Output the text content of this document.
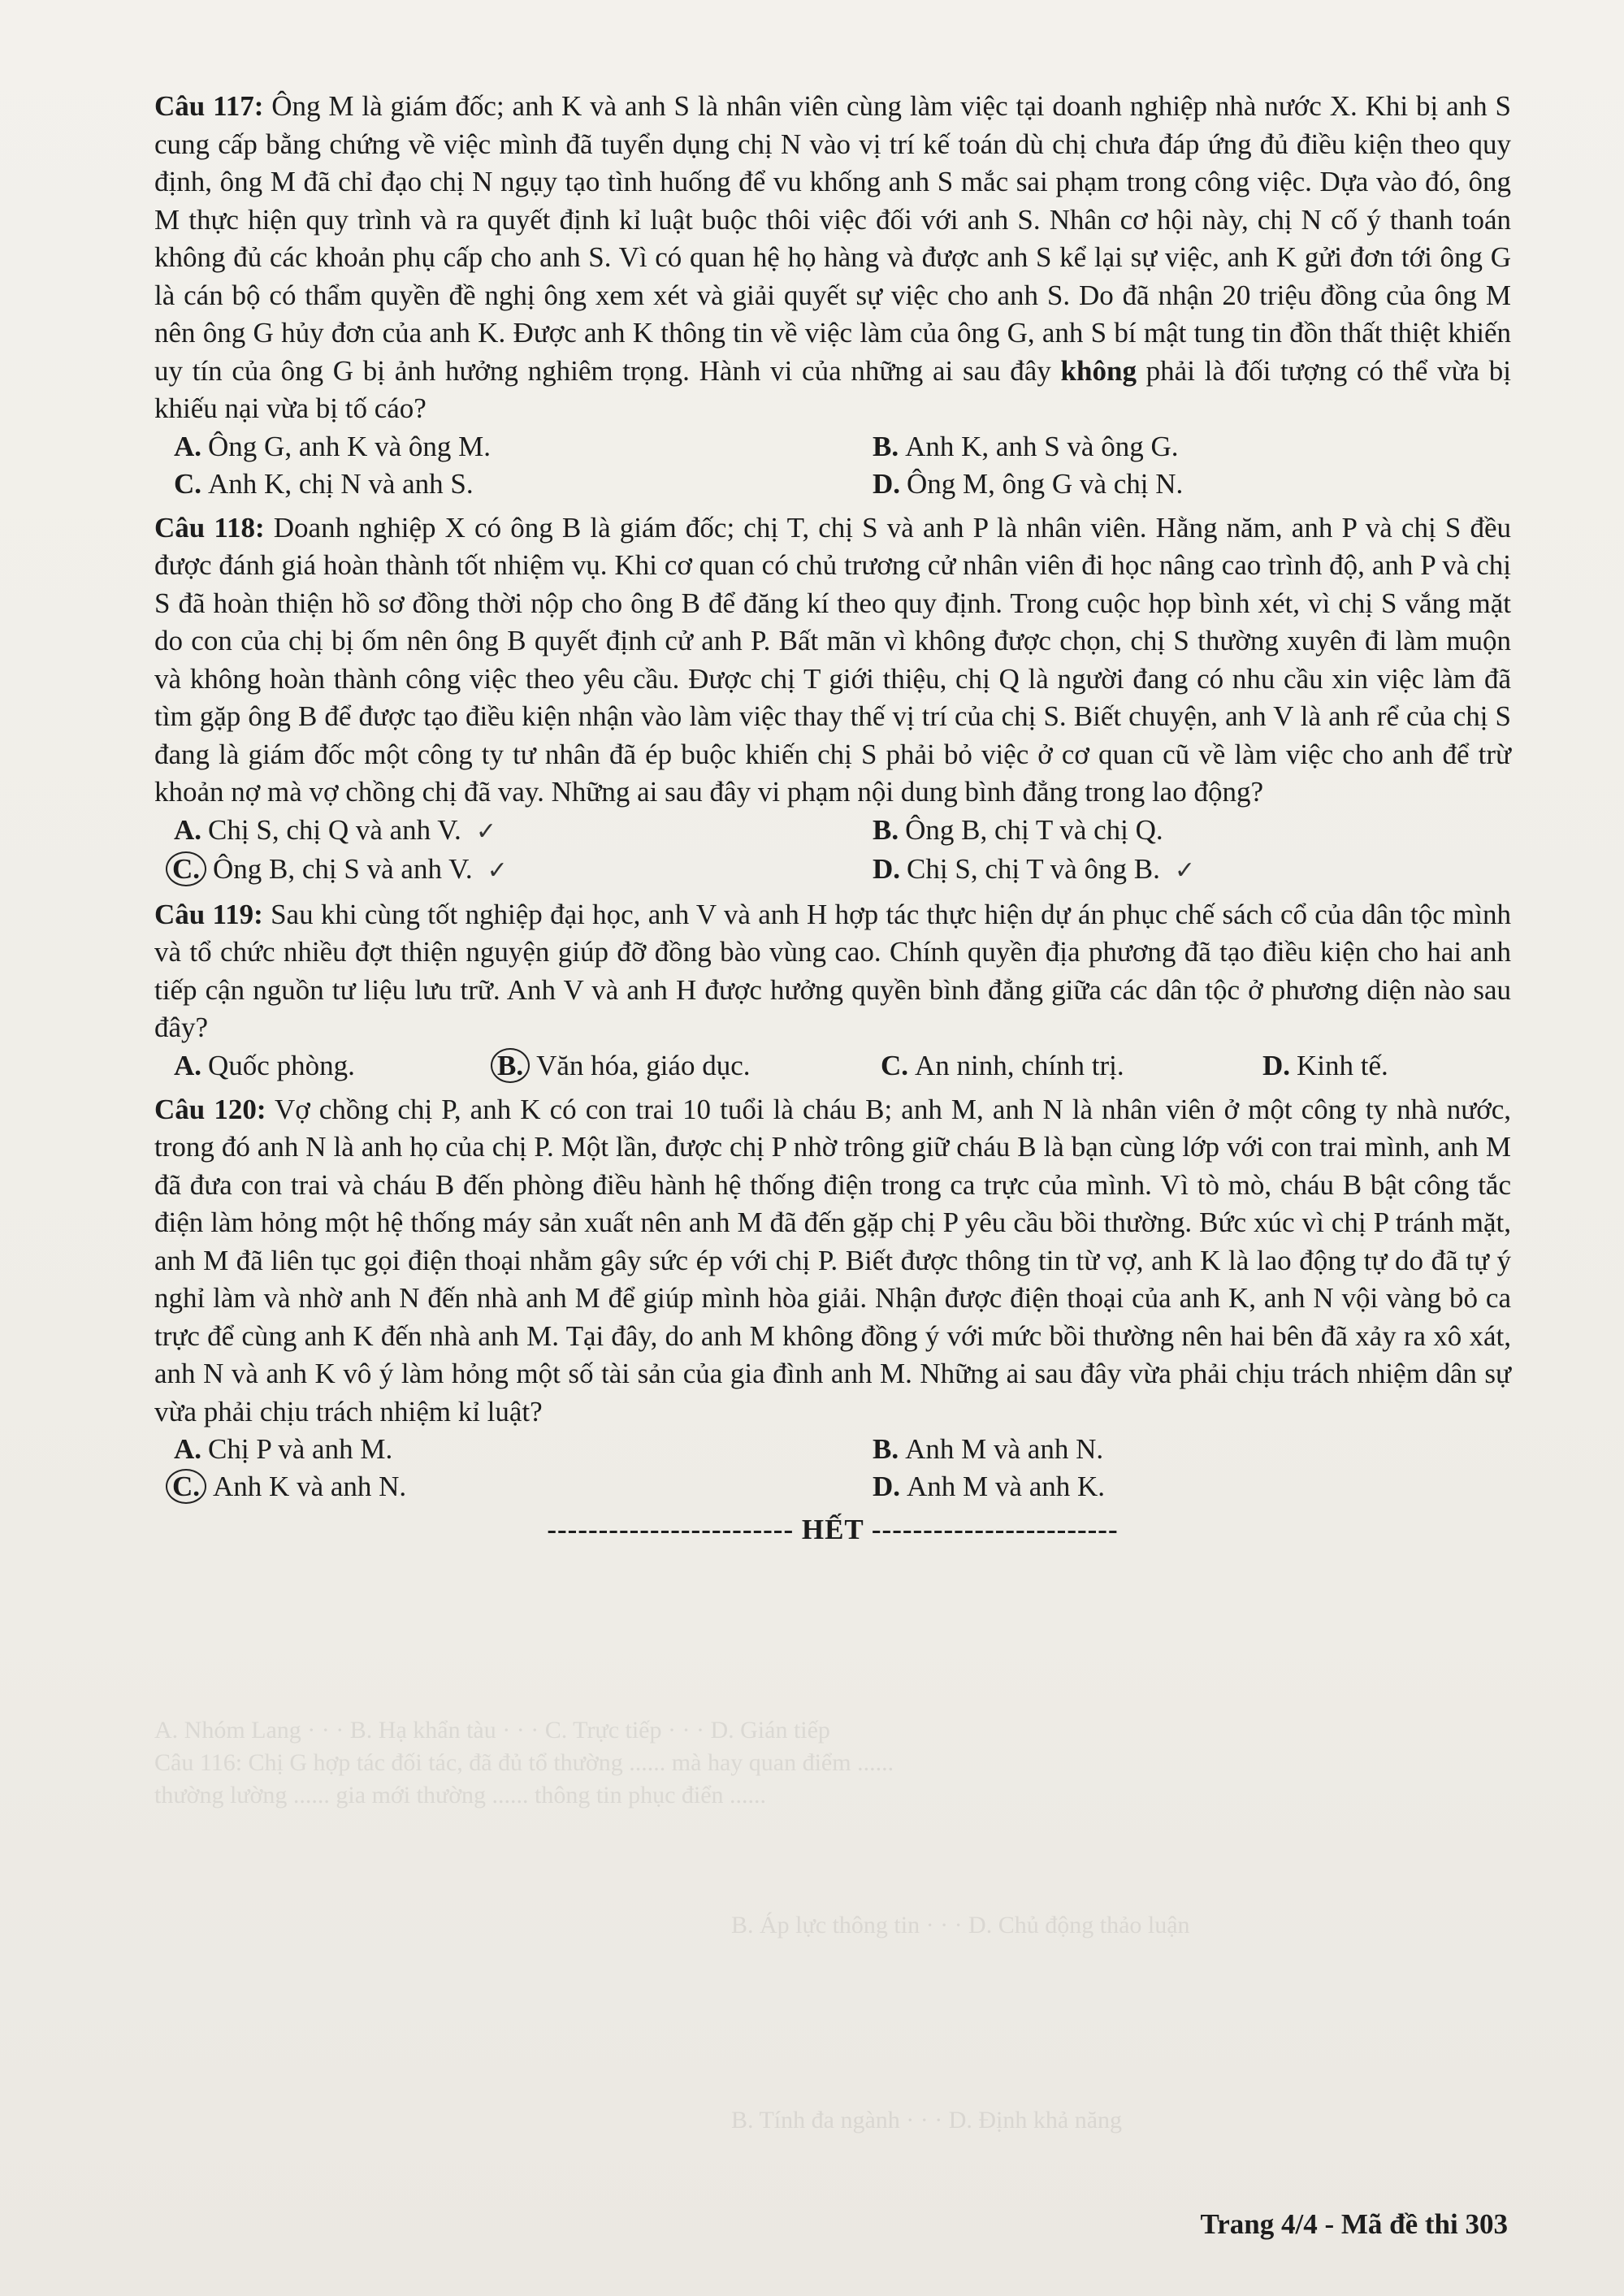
A. Nhóm Lang · · · B. Hạ khẩn tàu · · · C. Trực tiếp · · · D. Gián tiếp
Câu 116: Chị G hợp tác đối tác, đã đủ tổ thường ...... mà hay quan điểm ......
thường lường ...... gia mới thường ...... thông tin phục điển ......
B. Áp lực thông tin · · · D. Chủ động thảo luận
B. Tính đa ngành · · · D. Định khả năng
Câu 117: Ông M là giám đốc; anh K và anh S là nhân viên cùng làm việc tại doanh nghiệp nhà nước X. Khi bị anh S cung cấp bằng chứng về việc mình đã tuyển dụng chị N vào vị trí kế toán dù chị chưa đáp ứng đủ điều kiện theo quy định, ông M đã chỉ đạo chị N ngụy tạo tình huống để vu khống anh S mắc sai phạm trong công việc. Dựa vào đó, ông M thực hiện quy trình và ra quyết định kỉ luật buộc thôi việc đối với anh S. Nhân cơ hội này, chị N cố ý thanh toán không đủ các khoản phụ cấp cho anh S. Vì có quan hệ họ hàng và được anh S kể lại sự việc, anh K gửi đơn tới ông G là cán bộ có thẩm quyền đề nghị ông xem xét và giải quyết sự việc cho anh S. Do đã nhận 20 triệu đồng của ông M nên ông G hủy đơn của anh K. Được anh K thông tin về việc làm của ông G, anh S bí mật tung tin đồn thất thiệt khiến uy tín của ông G bị ảnh hưởng nghiêm trọng. Hành vi của những ai sau đây không phải là đối tượng có thể vừa bị khiếu nại vừa bị tố cáo?
A. Ông G, anh K và ông M.	B. Anh K, anh S và ông G.
C. Anh K, chị N và anh S.	D. Ông M, ông G và chị N.
Câu 118: Doanh nghiệp X có ông B là giám đốc; chị T, chị S và anh P là nhân viên. Hằng năm, anh P và chị S đều được đánh giá hoàn thành tốt nhiệm vụ. Khi cơ quan có chủ trương cử nhân viên đi học nâng cao trình độ, anh P và chị S đã hoàn thiện hồ sơ đồng thời nộp cho ông B để đăng kí theo quy định. Trong cuộc họp bình xét, vì chị S vắng mặt do con của chị bị ốm nên ông B quyết định cử anh P. Bất mãn vì không được chọn, chị S thường xuyên đi làm muộn và không hoàn thành công việc theo yêu cầu. Được chị T giới thiệu, chị Q là người đang có nhu cầu xin việc làm đã tìm gặp ông B để được tạo điều kiện nhận vào làm việc thay thế vị trí của chị S. Biết chuyện, anh V là anh rể của chị S đang là giám đốc một công ty tư nhân đã ép buộc khiến chị S phải bỏ việc ở cơ quan cũ về làm việc cho anh để trừ khoản nợ mà vợ chồng chị đã vay. Những ai sau đây vi phạm nội dung bình đẳng trong lao động?
A. Chị S, chị Q và anh V. ✓	B. Ông B, chị T và chị Q.
C. Ông B, chị S và anh V. ✓	D. Chị S, chị T và ông B. ✓
Câu 119: Sau khi cùng tốt nghiệp đại học, anh V và anh H hợp tác thực hiện dự án phục chế sách cổ của dân tộc mình và tổ chức nhiều đợt thiện nguyện giúp đỡ đồng bào vùng cao. Chính quyền địa phương đã tạo điều kiện cho hai anh tiếp cận nguồn tư liệu lưu trữ. Anh V và anh H được hưởng quyền bình đẳng giữa các dân tộc ở phương diện nào sau đây?
A. Quốc phòng.	B. Văn hóa, giáo dục.	C. An ninh, chính trị.	D. Kinh tế.
Câu 120: Vợ chồng chị P, anh K có con trai 10 tuổi là cháu B; anh M, anh N là nhân viên ở một công ty nhà nước, trong đó anh N là anh họ của chị P. Một lần, được chị P nhờ trông giữ cháu B là bạn cùng lớp với con trai mình, anh M đã đưa con trai và cháu B đến phòng điều hành hệ thống điện trong ca trực của mình. Vì tò mò, cháu B bật công tắc điện làm hỏng một hệ thống máy sản xuất nên anh M đã đến gặp chị P yêu cầu bồi thường. Bức xúc vì chị P tránh mặt, anh M đã liên tục gọi điện thoại nhằm gây sức ép với chị P. Biết được thông tin từ vợ, anh K là lao động tự do đã tự ý nghỉ làm và nhờ anh N đến nhà anh M để giúp mình hòa giải. Nhận được điện thoại của anh K, anh N vội vàng bỏ ca trực để cùng anh K đến nhà anh M. Tại đây, do anh M không đồng ý với mức bồi thường nên hai bên đã xảy ra xô xát, anh N và anh K vô ý làm hỏng một số tài sản của gia đình anh M. Những ai sau đây vừa phải chịu trách nhiệm dân sự vừa phải chịu trách nhiệm kỉ luật?
A. Chị P và anh M.	B. Anh M và anh N.
C. Anh K và anh N.	D. Anh M và anh K.
------------------------ HẾT ------------------------
Trang 4/4 - Mã đề thi 303
